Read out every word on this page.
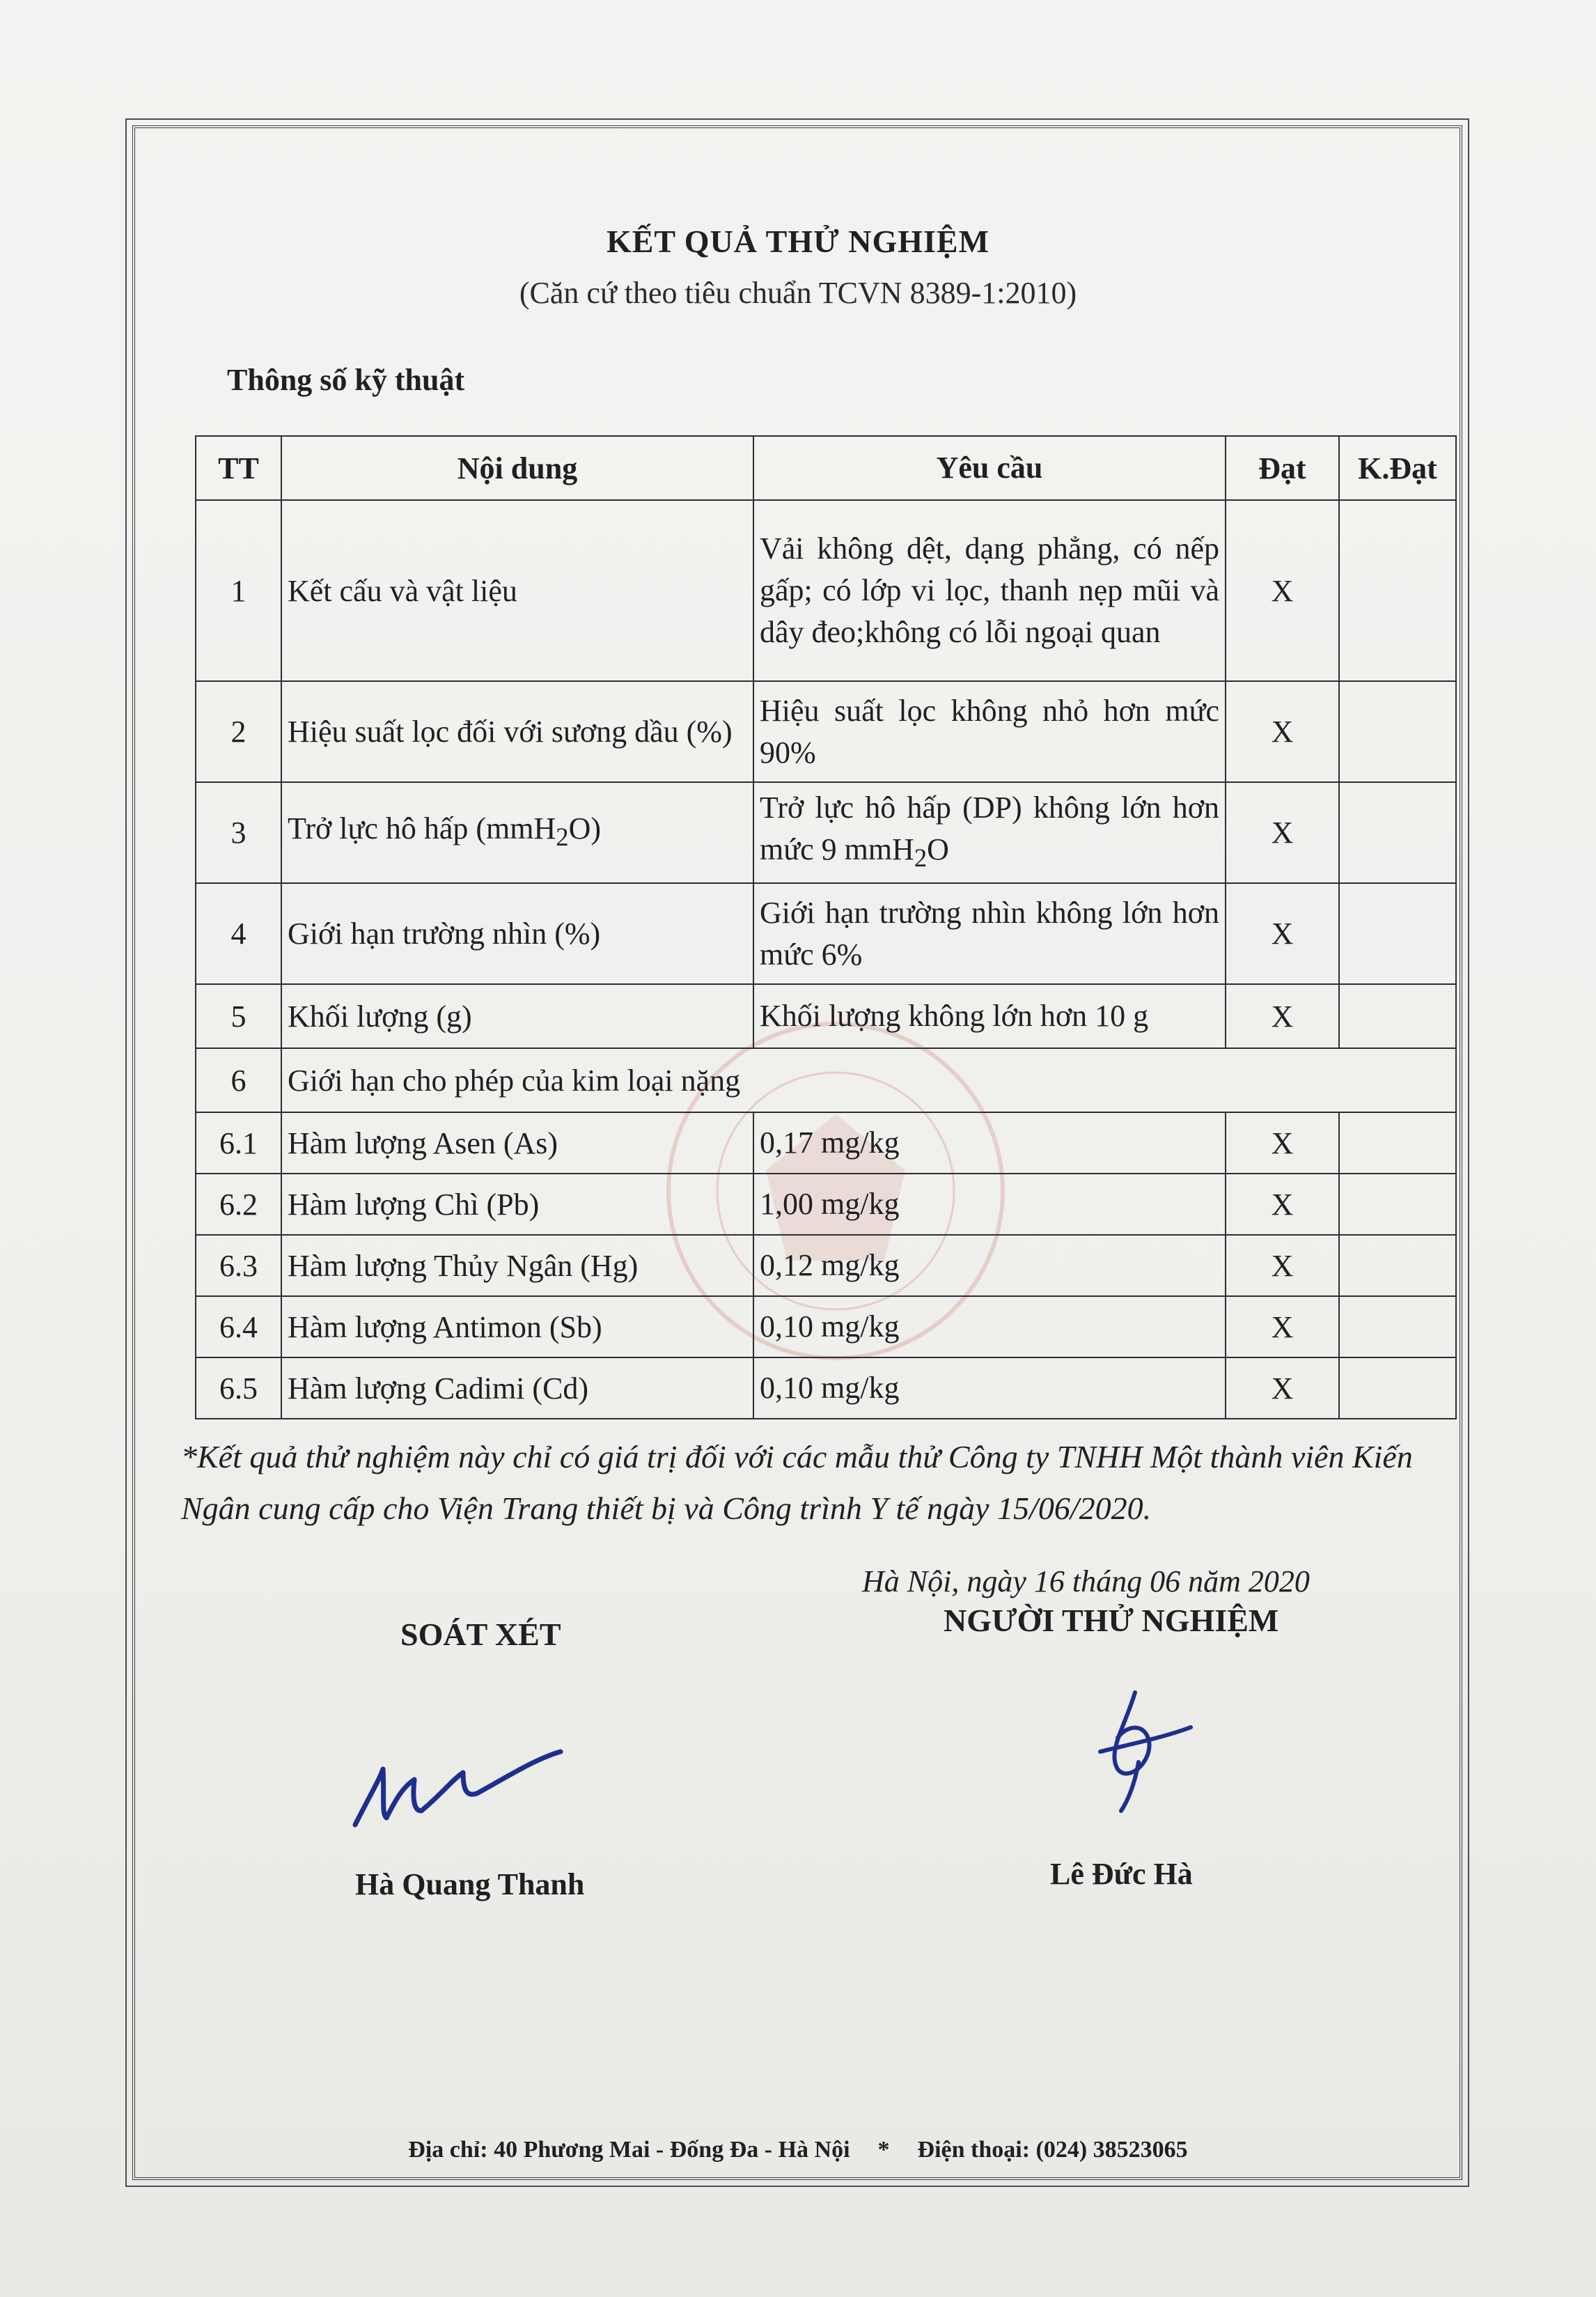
KẾT QUẢ THỬ NGHIỆM
(Căn cứ theo tiêu chuẩn TCVN 8389-1:2010)
Thông số kỹ thuật
TT	Nội dung	Yêu cầu	Đạt	K.Đạt
1	Kết cấu và vật liệu	Vải không dệt, dạng phẳng, có nếp gấp; có lớp vi lọc, thanh nẹp mũi và dây đeo;không có lỗi ngoại quan	X	
2	Hiệu suất lọc đối với sương dầu (%)	Hiệu suất lọc không nhỏ hơn mức 90%	X	
3	Trở lực hô hấp (mmH$_2$O)	Trở lực hô hấp (DP) không lớn hơn mức 9 mmH$_2$O	X	
4	Giới hạn trường nhìn (%)	Giới hạn trường nhìn không lớn hơn mức 6%	X	
5	Khối lượng (g)	Khối lượng không lớn hơn 10 g	X	
6	Giới hạn cho phép của kim loại nặng			
6.1	Hàm lượng Asen (As)	0,17 mg/kg	X	
6.2	Hàm lượng Chì (Pb)	1,00 mg/kg	X	
6.3	Hàm lượng Thủy Ngân (Hg)	0,12 mg/kg	X	
6.4	Hàm lượng Antimon (Sb)	0,10 mg/kg	X	
6.5	Hàm lượng Cadimi (Cd)	0,10 mg/kg	X	
*Kết quả thử nghiệm này chỉ có giá trị đối với các mẫu thử Công ty TNHH Một thành viên Kiến Ngân cung cấp cho Viện Trang thiết bị và Công trình Y tế ngày 15/06/2020.
Hà Nội, ngày 16 tháng 06 năm 2020
SOÁT XÉT	NGƯỜI THỬ NGHIỆM
Hà Quang Thanh	Lê Đức Hà
Địa chỉ: 40 Phương Mai - Đống Đa - Hà Nội * Điện thoại: (024) 38523065
